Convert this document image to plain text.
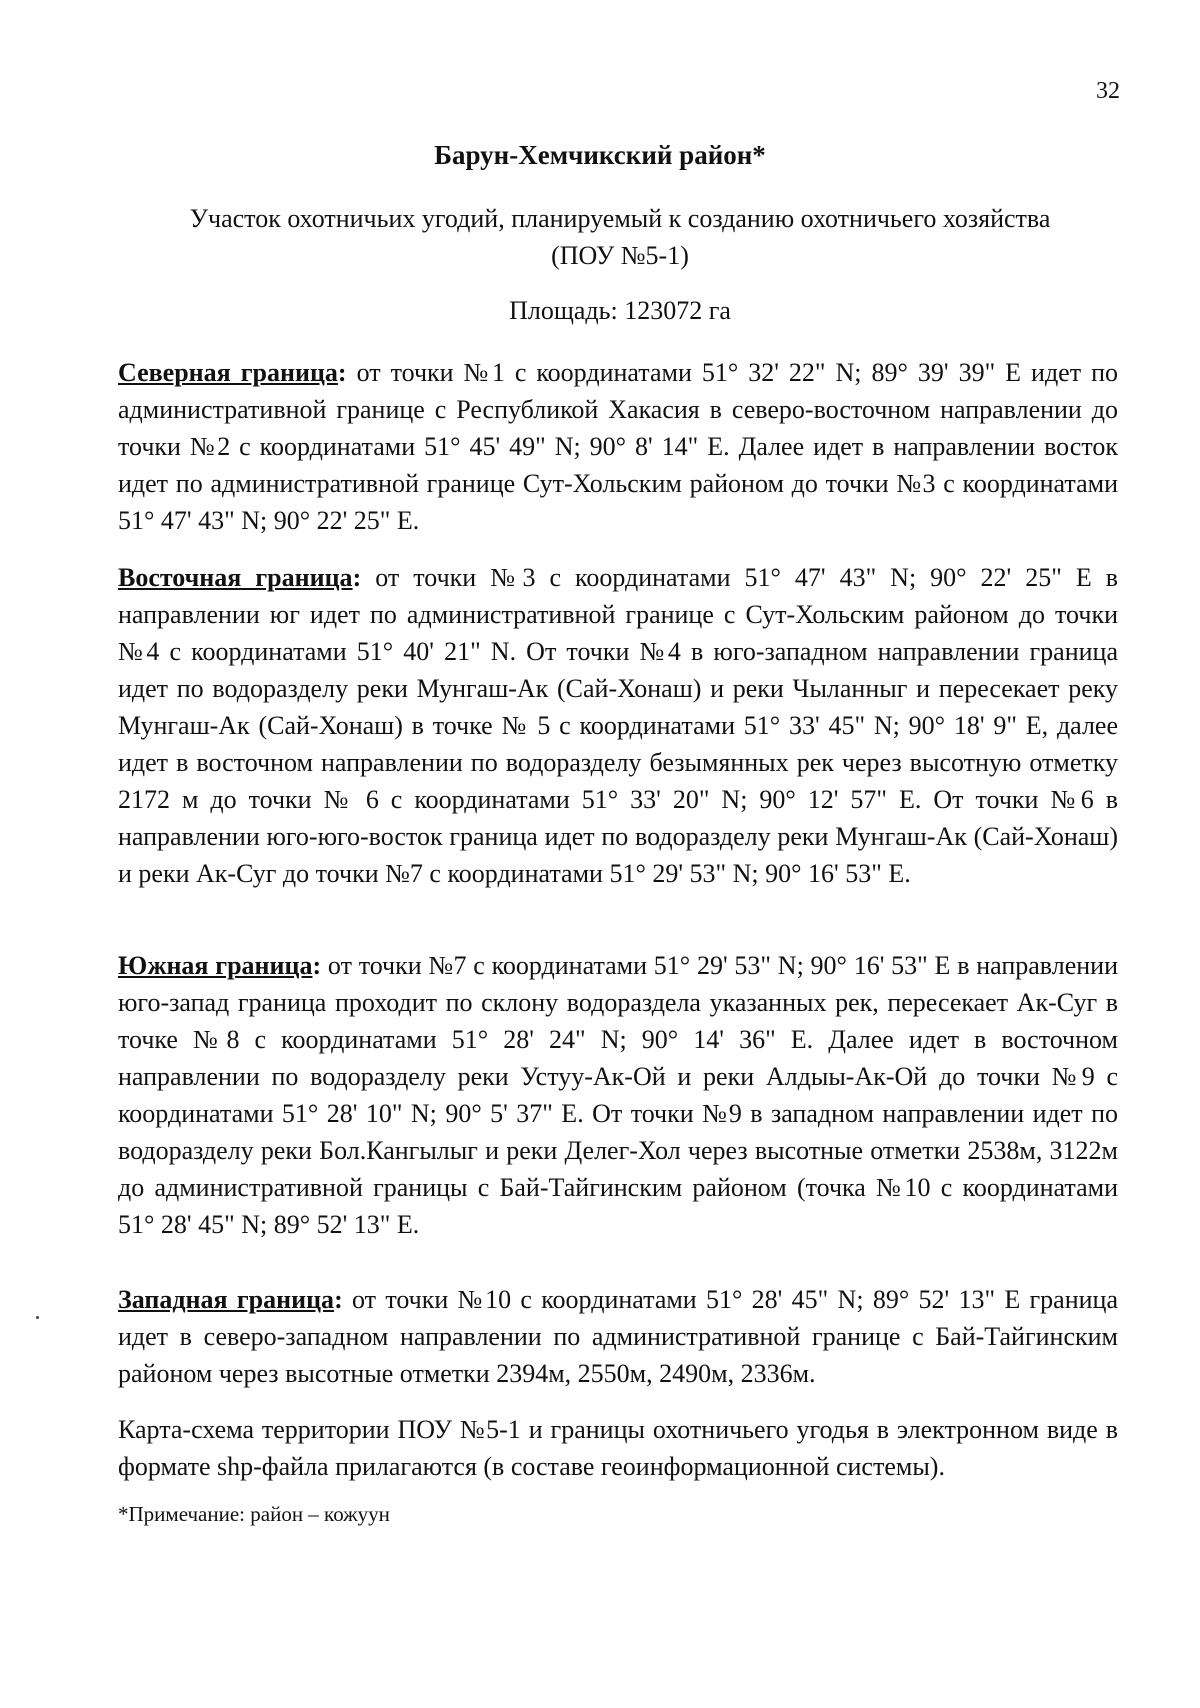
32

Барун-Хемчикский район*

Участок охотничьих угодий, планируемый к созданию охотничьего хозяйства
(ПОУ №5-1)

Площадь: 123072 га

Северная граница: от точки №1 с координатами 51° 32' 22" N; 89° 39' 39" E идет по административной границе с Республикой Хакасия в северо-восточном направлении до точки №2 с координатами 51° 45' 49" N; 90° 8' 14" E. Далее идет в направлении восток идет по административной границе Сут-Хольским районом до точки №3 с координатами 51° 47' 43" N; 90° 22' 25" E.

Восточная граница: от точки №3 с координатами 51° 47' 43" N; 90° 22' 25" E в направлении юг идет по административной границе с Сут-Хольским районом до точки №4 с координатами 51° 40' 21" N. От точки №4 в юго-западном направлении граница идет по водоразделу реки Мунгаш-Ак (Сай-Хонаш) и реки Чыланныг и пересекает реку Мунгаш-Ак (Сай-Хонаш) в точке № 5 с координатами 51° 33' 45" N; 90° 18' 9" E, далее идет в восточном направлении по водоразделу безымянных рек через высотную отметку 2172 м до точки № 6 с координатами 51° 33' 20" N; 90° 12' 57" E. От точки №6 в направлении юго-юго-восток граница идет по водоразделу реки Мунгаш-Ак (Сай-Хонаш) и реки Ак-Суг до точки №7 с координатами 51° 29' 53" N; 90° 16' 53" E.

Южная граница: от точки №7 с координатами 51° 29' 53" N; 90° 16' 53" E в направлении юго-запад граница проходит по склону водораздела указанных рек, пересекает Ак-Суг в точке №8 с координатами 51° 28' 24" N; 90° 14' 36" E. Далее идет в восточном направлении по водоразделу реки Устуу-Ак-Ой и реки Алдыы-Ак-Ой до точки №9 с координатами 51° 28' 10" N; 90° 5' 37" E. От точки №9 в западном направлении идет по водоразделу реки Бол.Кангылыг и реки Делег-Хол через высотные отметки 2538м, 3122м до административной границы с Бай-Тайгинским районом (точка №10 с координатами 51° 28' 45" N; 89° 52' 13" E.

Западная граница: от точки №10 с координатами 51° 28' 45" N; 89° 52' 13" E граница идет в северо-западном направлении по административной границе с Бай-Тайгинским районом через высотные отметки 2394м, 2550м, 2490м, 2336м.

Карта-схема территории ПОУ №5-1 и границы охотничьего угодья в электронном виде в формате shp-файла прилагаются (в составе геоинформационной системы).

*Примечание: район – кожуун
